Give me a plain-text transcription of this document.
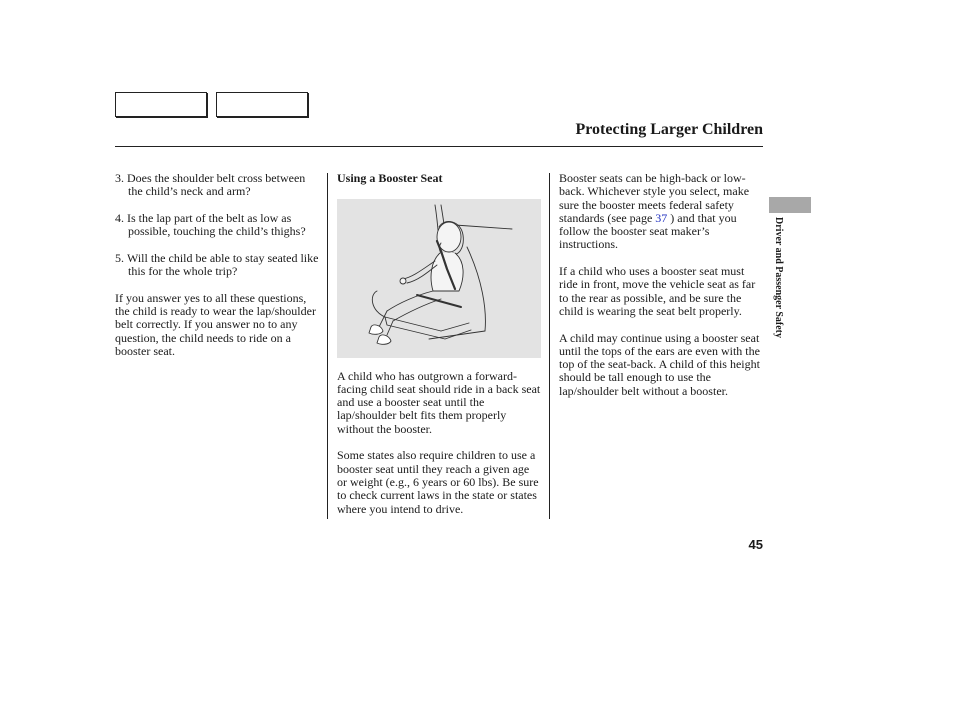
Protecting Larger Children

3. Does the shoulder belt cross between the child’s neck and arm?

4. Is the lap part of the belt as low as possible, touching the child’s thighs?

5. Will the child be able to stay seated like this for the whole trip?

If you answer yes to all these questions, the child is ready to wear the lap/shoulder belt correctly. If you answer no to any question, the child needs to ride on a booster seat.

Using a Booster Seat

A child who has outgrown a forward-facing child seat should ride in a back seat and use a booster seat until the lap/shoulder belt fits them properly without the booster.

Some states also require children to use a booster seat until they reach a given age or weight (e.g., 6 years or 60 lbs). Be sure to check current laws in the state or states where you intend to drive.

Booster seats can be high-back or low-back. Whichever style you select, make sure the booster meets federal safety standards (see page 37 ) and that you follow the booster seat maker’s instructions.

If a child who uses a booster seat must ride in front, move the vehicle seat as far to the rear as possible, and be sure the child is wearing the seat belt properly.

A child may continue using a booster seat until the tops of the ears are even with the top of the seat-back. A child of this height should be tall enough to use the lap/shoulder belt without a booster.

Driver and Passenger Safety
45
